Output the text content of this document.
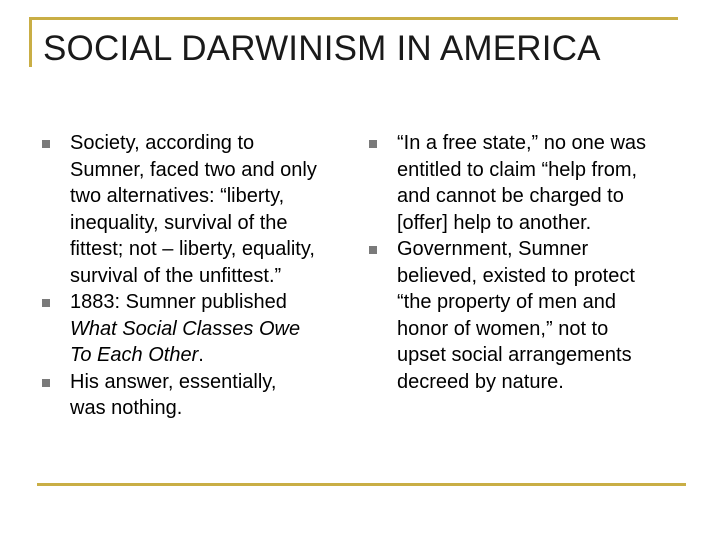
SOCIAL DARWINISM IN AMERICA
Society, according to
Sumner, faced two and only
two alternatives: “liberty,
inequality, survival of the
fittest; not – liberty, equality,
survival of the unfittest.”
1883: Sumner published
What Social Classes Owe
To Each Other.
His answer, essentially,
was nothing.
“In a free state,” no one was
entitled to claim “help from,
and cannot be charged to
[offer] help to another.
Government, Sumner
believed, existed to protect
“the property of men and
honor of women,” not to
upset social arrangements
decreed by nature.
